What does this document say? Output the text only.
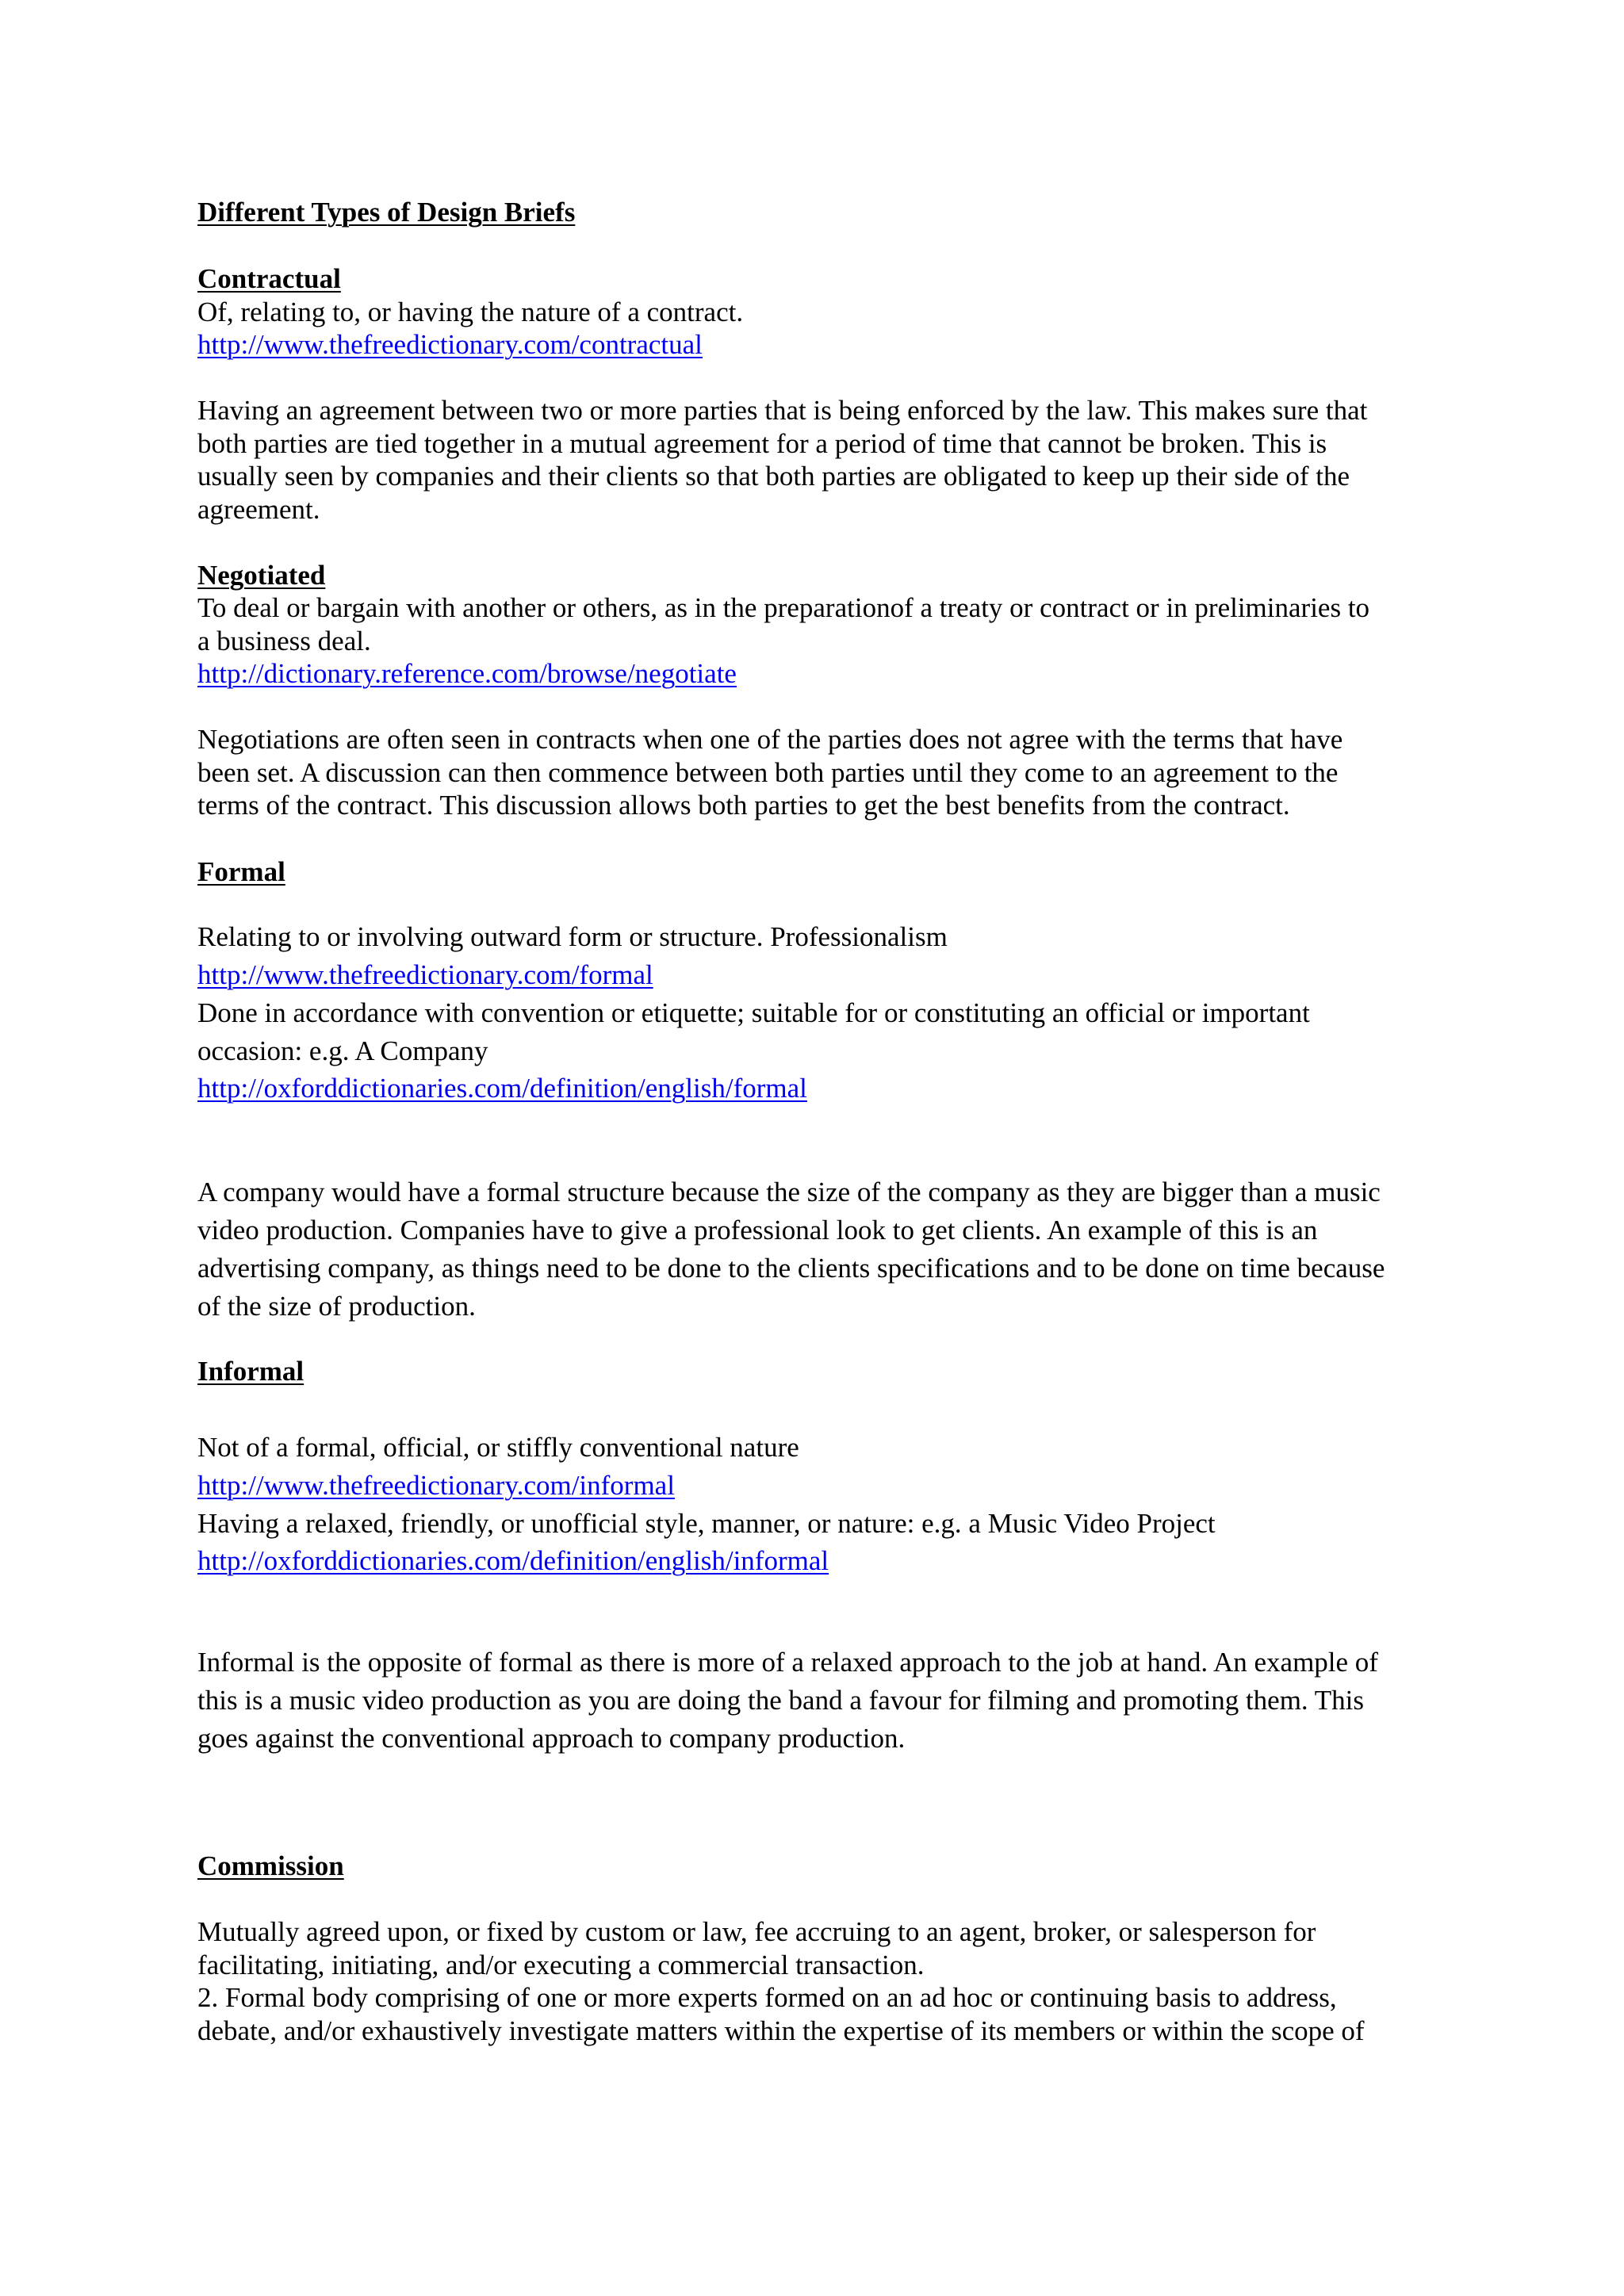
Different Types of Design Briefs
Contractual
Of, relating to, or having the nature of a contract.
http://www.thefreedictionary.com/contractual
Having an agreement between two or more parties that is being enforced by the law. This makes sure that
both parties are tied together in a mutual agreement for a period of time that cannot be broken. This is
usually seen by companies and their clients so that both parties are obligated to keep up their side of the
agreement.
Negotiated
To deal or bargain with another or others, as in the preparationof a treaty or contract or in preliminaries to
a business deal.
http://dictionary.reference.com/browse/negotiate
Negotiations are often seen in contracts when one of the parties does not agree with the terms that have
been set. A discussion can then commence between both parties until they come to an agreement to the
terms of the contract. This discussion allows both parties to get the best benefits from the contract.
Formal
Relating to or involving outward form or structure. Professionalism
http://www.thefreedictionary.com/formal
Done in accordance with convention or etiquette; suitable for or constituting an official or important
occasion: e.g. A Company
http://oxforddictionaries.com/definition/english/formal
A company would have a formal structure because the size of the company as they are bigger than a music
video production. Companies have to give a professional look to get clients. An example of this is an
advertising company, as things need to be done to the clients specifications and to be done on time because
of the size of production.
Informal
Not of a formal, official, or stiffly conventional nature
http://www.thefreedictionary.com/informal
Having a relaxed, friendly, or unofficial style, manner, or nature: e.g. a Music Video Project
http://oxforddictionaries.com/definition/english/informal
Informal is the opposite of formal as there is more of a relaxed approach to the job at hand. An example of
this is a music video production as you are doing the band a favour for filming and promoting them. This
goes against the conventional approach to company production.
Commission
Mutually agreed upon, or fixed by custom or law, fee accruing to an agent, broker, or salesperson for
facilitating, initiating, and/or executing a commercial transaction.
2. Formal body comprising of one or more experts formed on an ad hoc or continuing basis to address,
debate, and/or exhaustively investigate matters within the expertise of its members or within the scope of
